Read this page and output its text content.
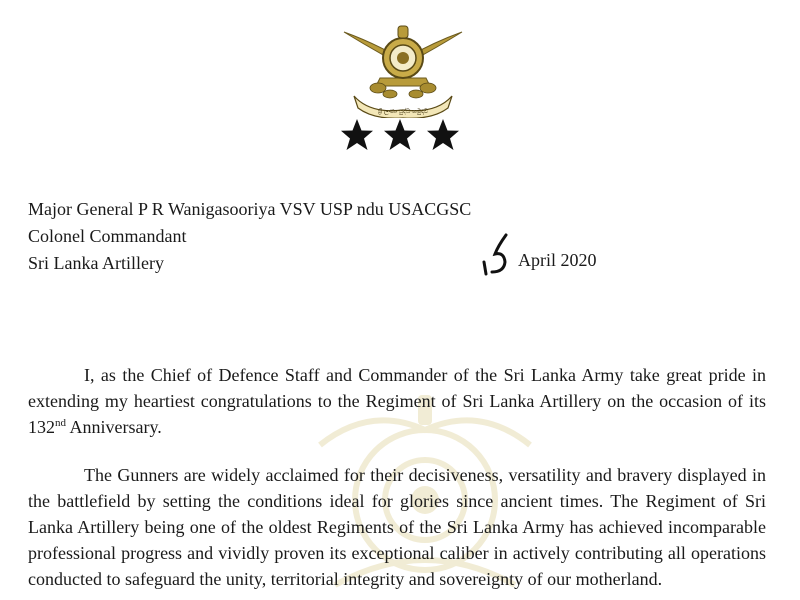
ශ්‍රී ලංකා යුද්ධ හමුදාව
Major General P R Wanigasooriya VSV USP ndu USACGSC
Colonel Commandant
Sri Lanka Artillery	April 2020

I, as the Chief of Defence Staff and Commander of the Sri Lanka Army take great pride in extending my heartiest congratulations to the Regiment of Sri Lanka Artillery on the occasion of its 132nd Anniversary.

The Gunners are widely acclaimed for their decisiveness, versatility and bravery displayed in the battlefield by setting the conditions ideal for glories since ancient times. The Regiment of Sri Lanka Artillery being one of the oldest Regiments of the Sri Lanka Army has achieved incomparable professional progress and vividly proven its exceptional caliber in actively contributing all operations conducted to safeguard the unity, territorial integrity and sovereignty of our motherland.
